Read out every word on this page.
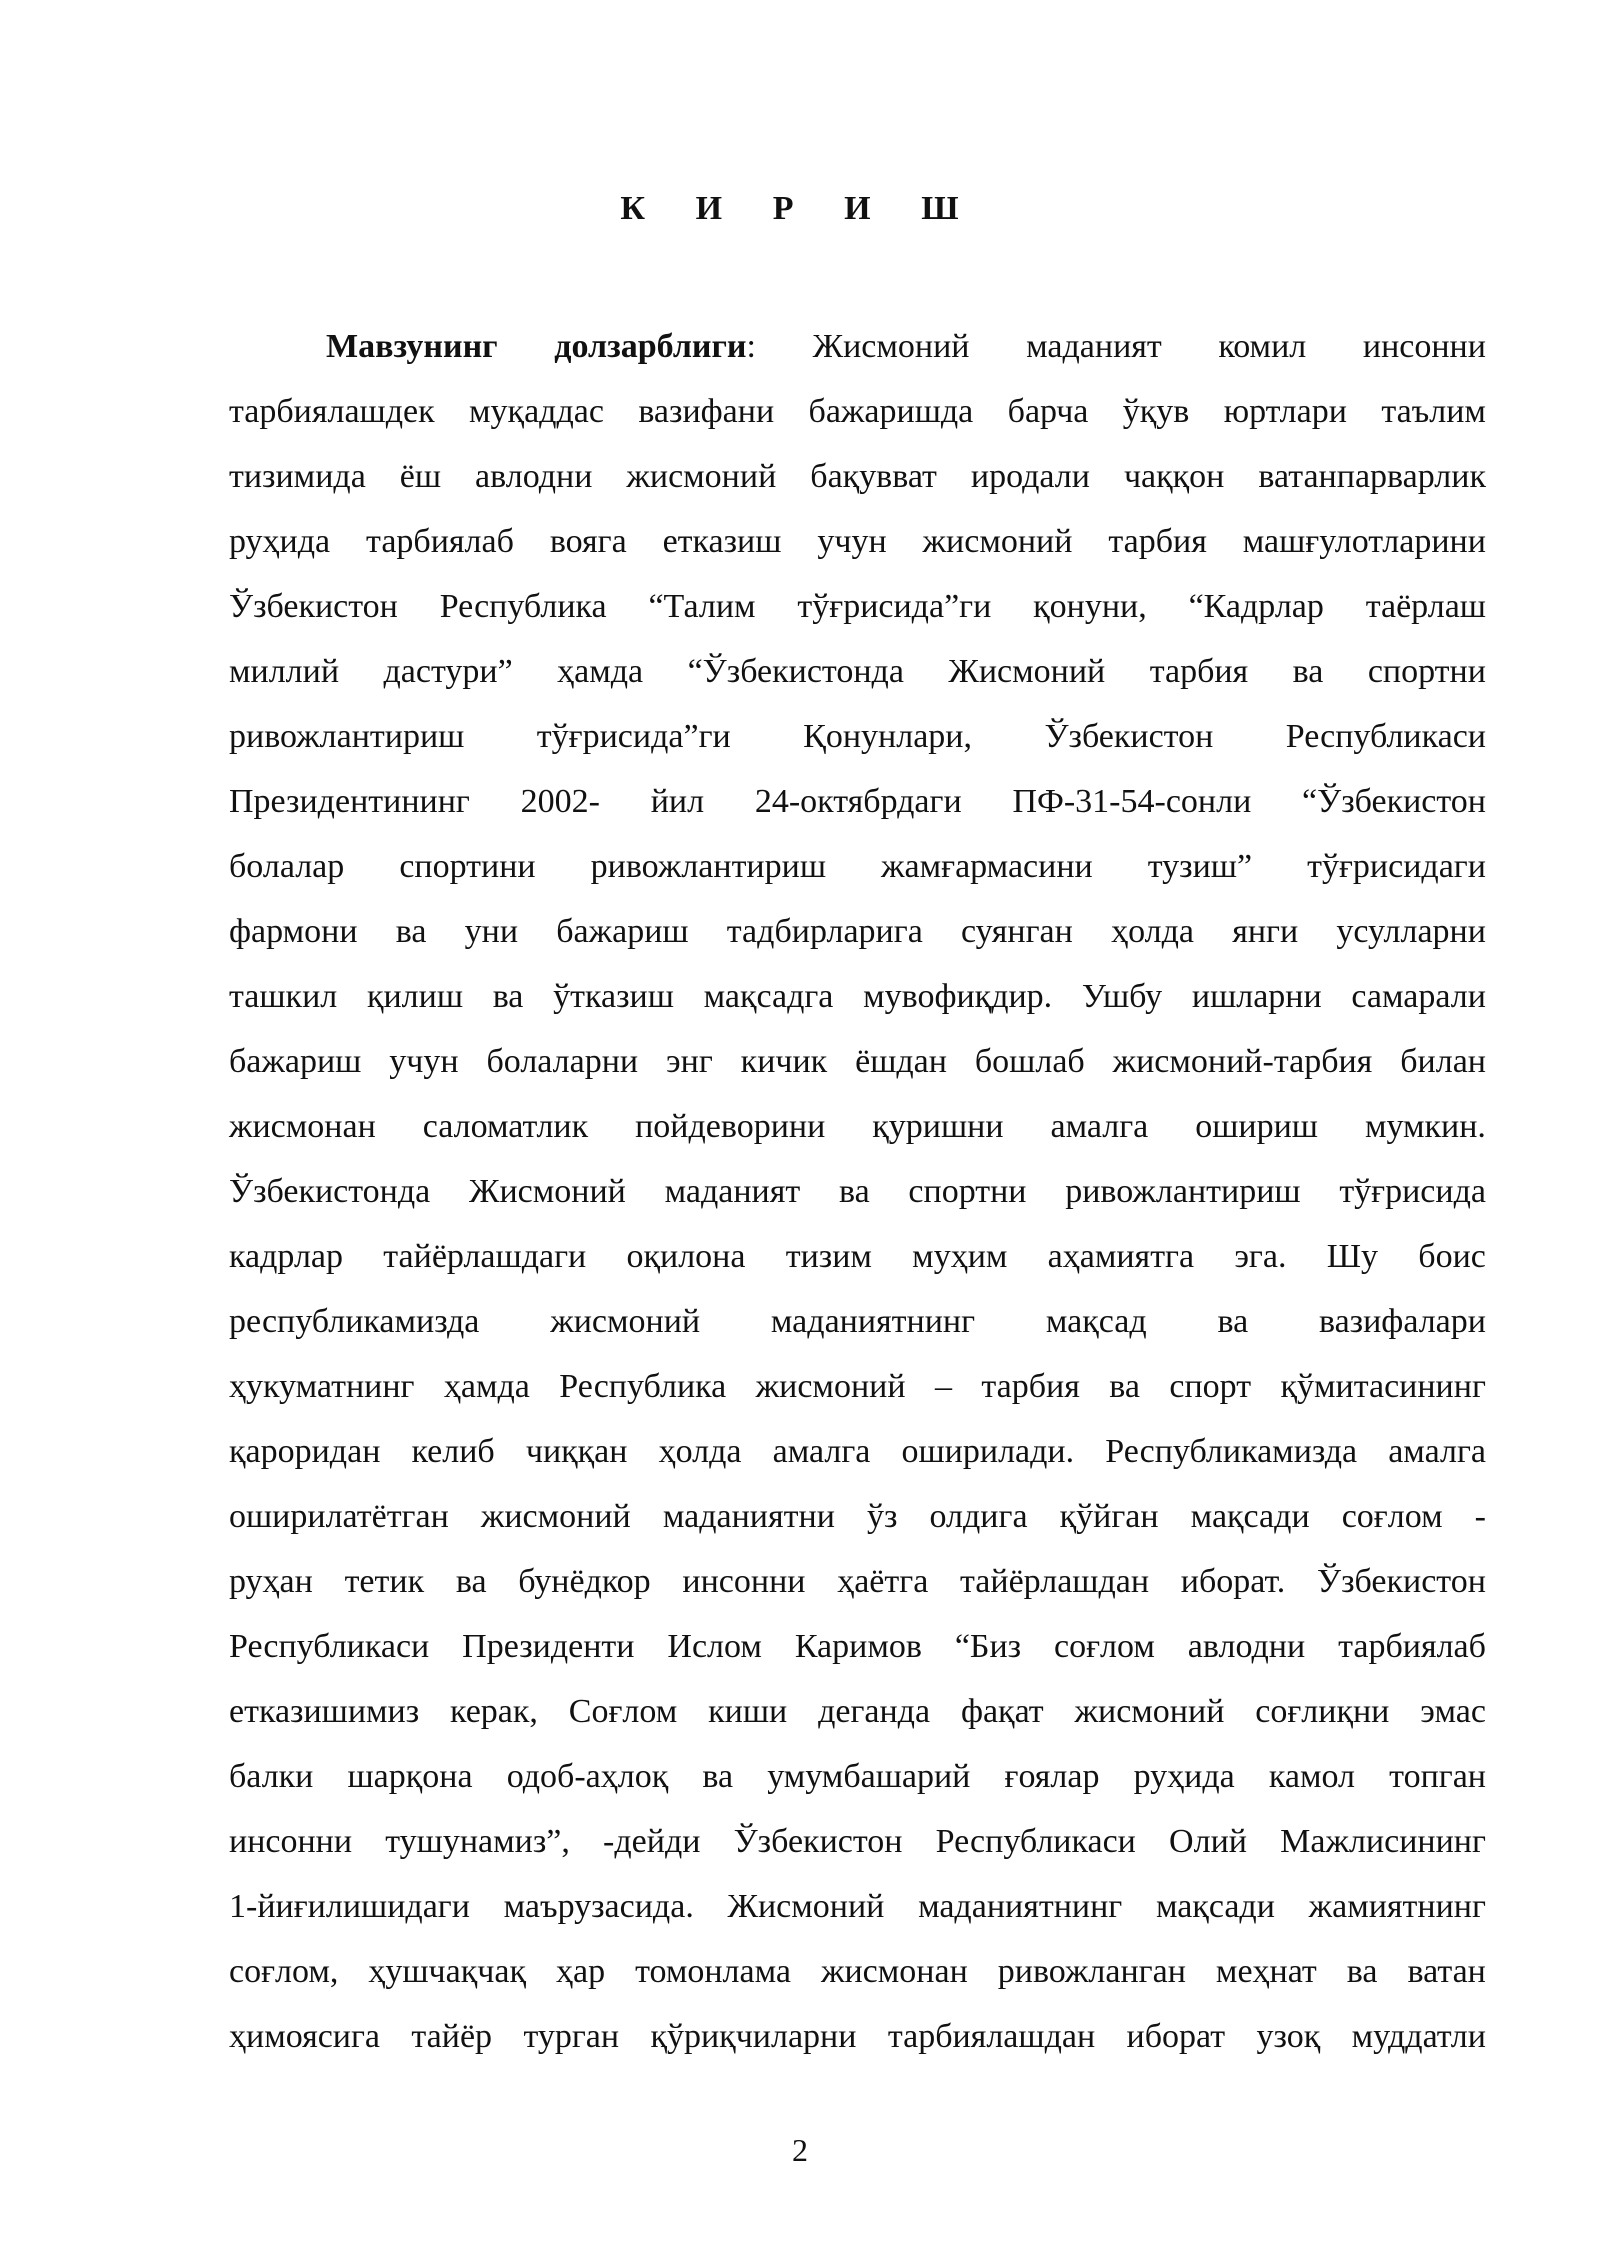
К И Р И Ш
Мавзунинг долзарблиги: Жисмоний маданият комил инсонни
тарбиялашдек муқаддас вазифани бажаришда барча ўқув юртлари таълим
тизимида ёш авлодни жисмоний бақувват иродали чаққон ватанпарварлик
руҳида тарбиялаб вояга етказиш учун жисмоний тарбия машғулотларини
Ўзбекистон Республика “Талим тўғрисида”ги қонуни, “Кадрлар таёрлаш
миллий дастури” ҳамда “Ўзбекистонда Жисмоний тарбия ва спортни
ривожлантириш тўғрисида”ги Қонунлари, Ўзбекистон Республикаси
Президентининг 2002- йил 24-октябрдаги ПФ-31-54-сонли “Ўзбекистон
болалар спортини ривожлантириш жамғармасини тузиш” тўғрисидаги
фармони ва уни бажариш тадбирларига суянган ҳолда янги усулларни
ташкил қилиш ва ўтказиш мақсадга мувофиқдир. Ушбу ишларни самарали
бажариш учун болаларни энг кичик ёшдан бошлаб жисмоний-тарбия билан
жисмонан саломатлик пойдеворини қуришни амалга ошириш мумкин.
Ўзбекистонда Жисмоний маданият ва спортни ривожлантириш тўғрисида
кадрлар тайёрлашдаги оқилона тизим муҳим аҳамиятга эга. Шу боис
республикамизда жисмоний маданиятнинг мақсад ва вазифалари
ҳукуматнинг ҳамда Республика жисмоний – тарбия ва спорт қўмитасининг
қароридан келиб чиққан ҳолда амалга оширилади. Республикамизда амалга
оширилатётган жисмоний маданиятни ўз олдига қўйган мақсади соғлом -
руҳан тетик ва бунёдкор инсонни ҳаётга тайёрлашдан иборат. Ўзбекистон
Республикаси Президенти Ислом Каримов “Биз соғлом авлодни тарбиялаб
етказишимиз керак, Соғлом киши деганда фақат жисмоний соғлиқни эмас
балки шарқона одоб-аҳлоқ ва умумбашарий ғоялар руҳида камол топган
инсонни тушунамиз”, -дейди Ўзбекистон Республикаси Олий Мажлисининг
1-йиғилишидаги маърузасида. Жисмоний маданиятнинг мақсади жамиятнинг
соғлом, ҳушчақчақ ҳар томонлама жисмонан ривожланган меҳнат ва ватан
ҳимоясига тайёр турган қўриқчиларни тарбиялашдан иборат узоқ муддатли
2
